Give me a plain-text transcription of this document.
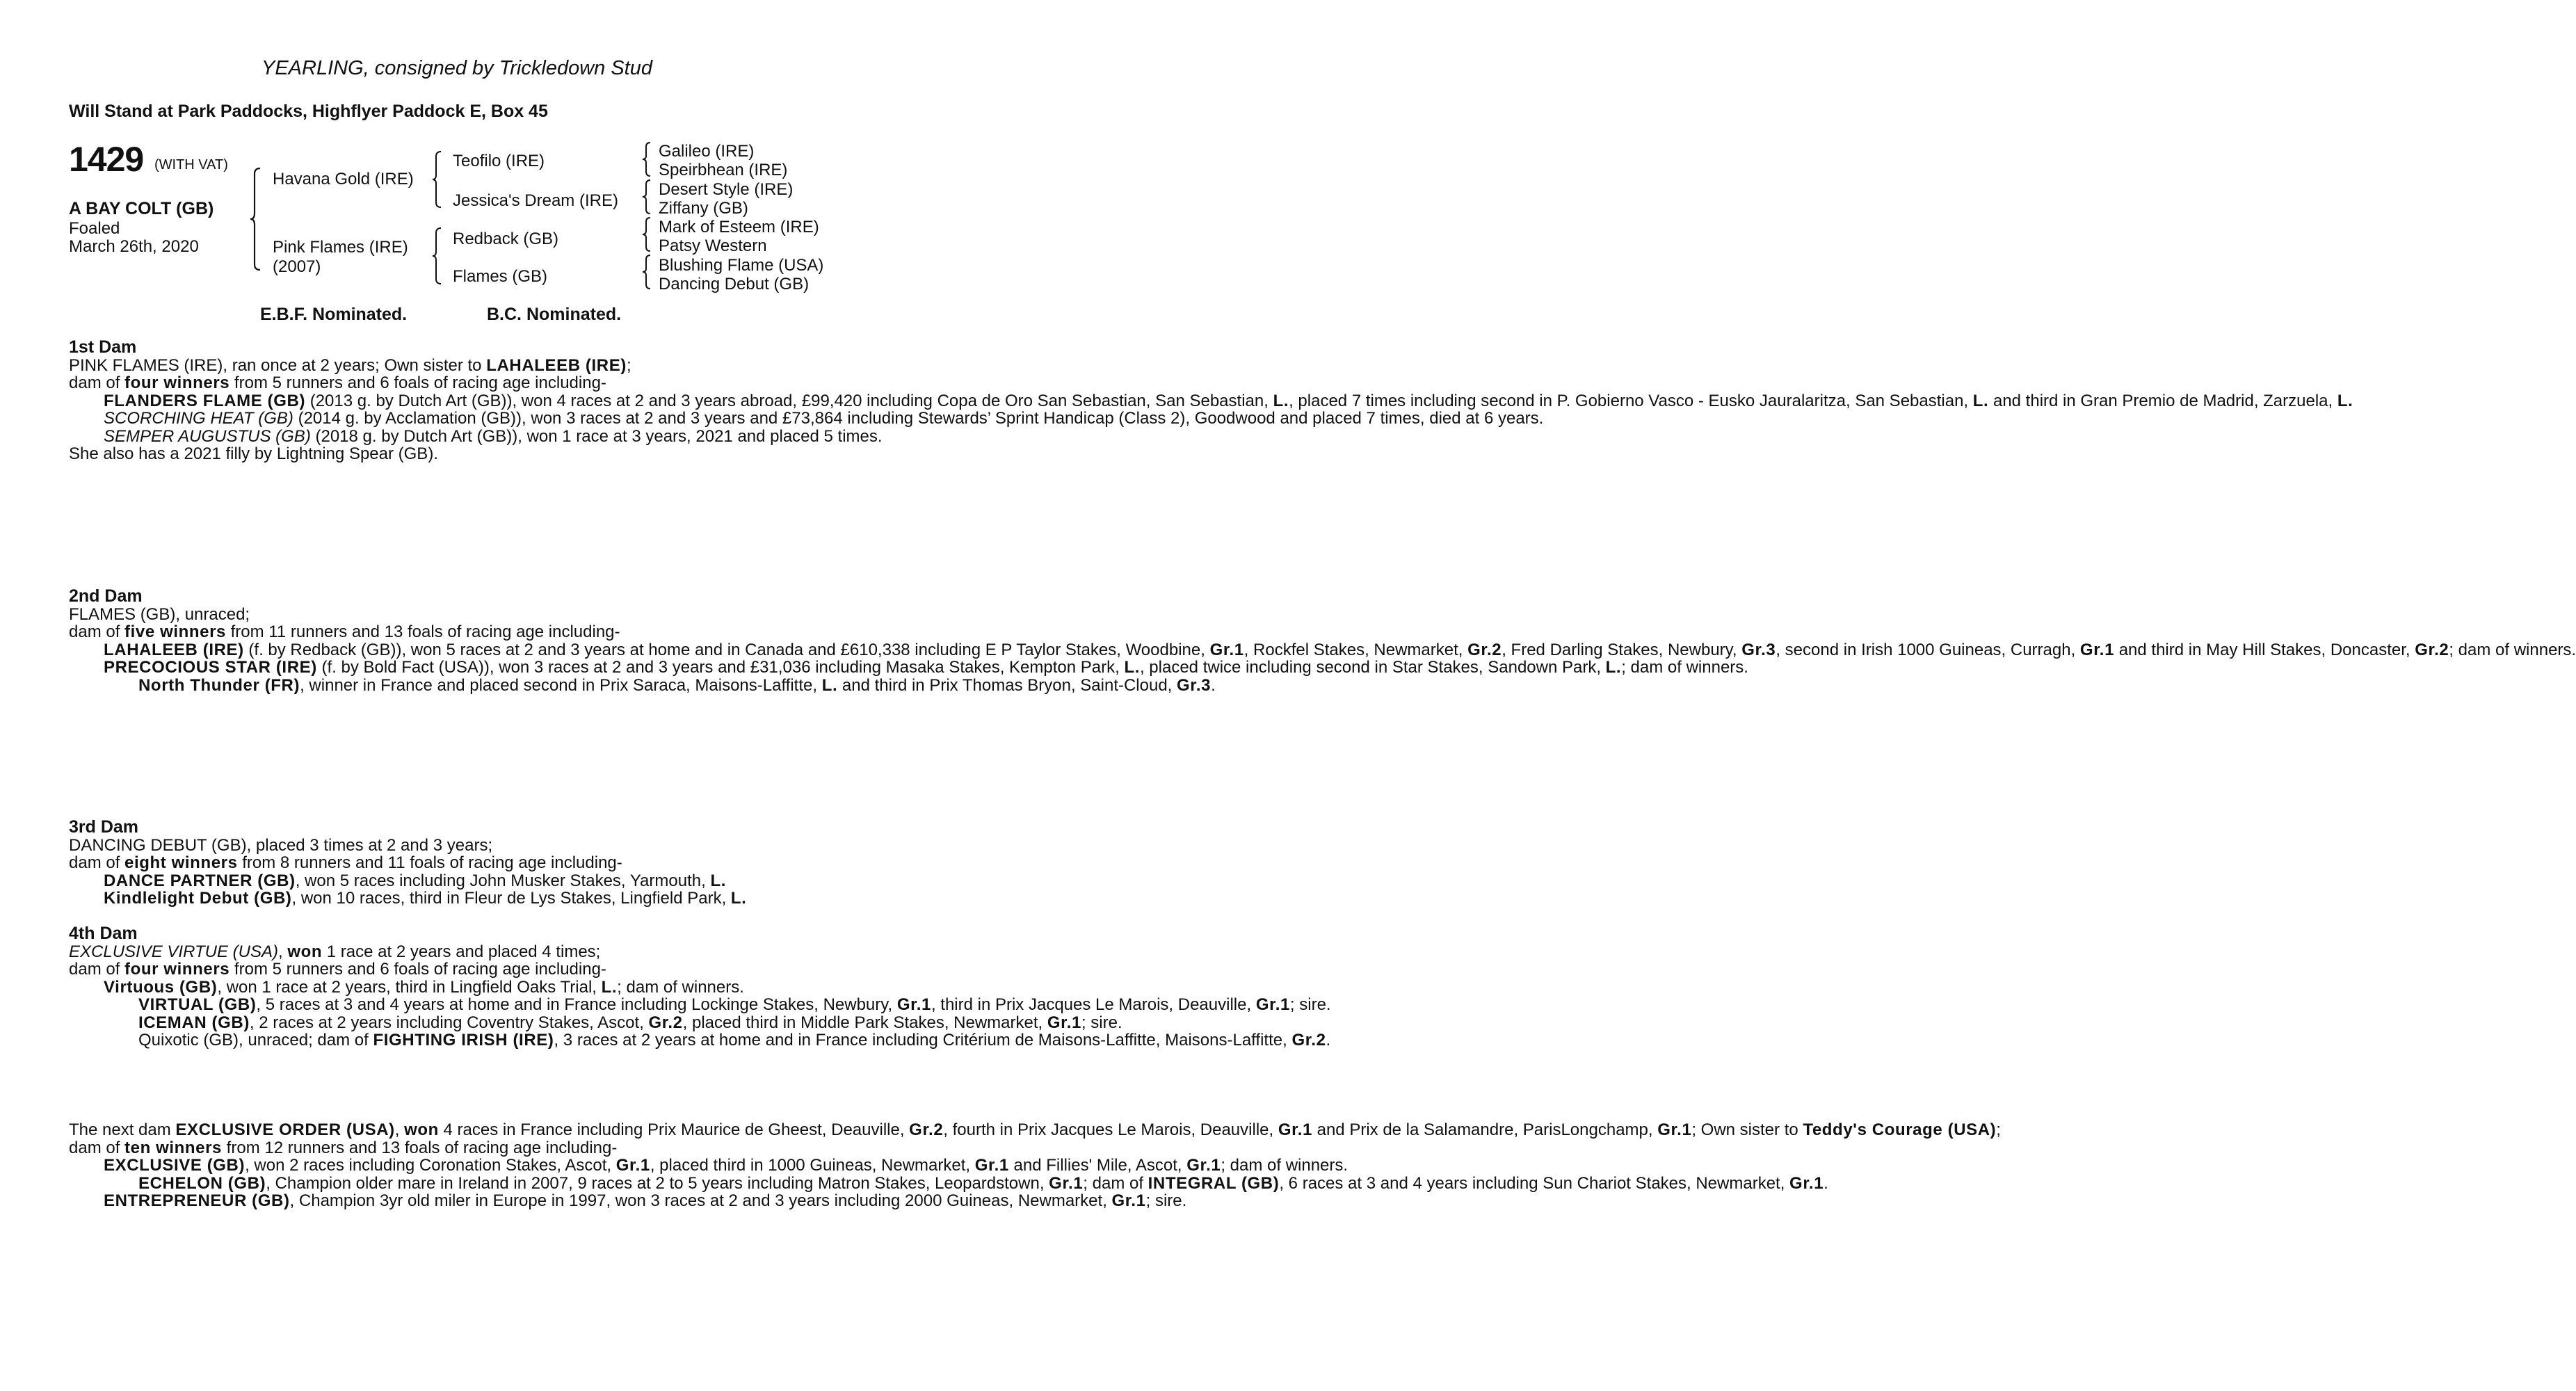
YEARLING, consigned by Trickledown Stud
Will Stand at Park Paddocks, Highflyer Paddock E, Box 45
1429 (WITH VAT)
A BAY COLT (GB)
Foaled
March 26th, 2020
Havana Gold (IRE)
Pink Flames (IRE)
(2007)
Teofilo (IRE)
Jessica's Dream (IRE)
Redback (GB)
Flames (GB)
Galileo (IRE)
Speirbhean (IRE)
Desert Style (IRE)
Ziffany (GB)
Mark of Esteem (IRE)
Patsy Western
Blushing Flame (USA)
Dancing Debut (GB)
E.B.F. Nominated.	B.C. Nominated.

1st Dam

PINK FLAMES (IRE), ran once at 2 years; Own sister to LAHALEEB (IRE);

dam of four winners from 5 runners and 6 foals of racing age including-

FLANDERS FLAME (GB) (2013 g. by Dutch Art (GB)), won 4 races at 2 and 3 years abroad, £99,420 including Copa de Oro San Sebastian, San Sebastian, L., placed 7 times including second in P. Gobierno Vasco - Eusko Jauralaritza, San Sebastian, L. and third in Gran Premio de Madrid, Zarzuela, L.

SCORCHING HEAT (GB) (2014 g. by Acclamation (GB)), won 3 races at 2 and 3 years and £73,864 including Stewards’ Sprint Handicap (Class 2), Goodwood and placed 7 times, died at 6 years.

SEMPER AUGUSTUS (GB) (2018 g. by Dutch Art (GB)), won 1 race at 3 years, 2021 and placed 5 times.

She also has a 2021 filly by Lightning Spear (GB).

2nd Dam

FLAMES (GB), unraced;

dam of five winners from 11 runners and 13 foals of racing age including-

LAHALEEB (IRE) (f. by Redback (GB)), won 5 races at 2 and 3 years at home and in Canada and £610,338 including E P Taylor Stakes, Woodbine, Gr.1, Rockfel Stakes, Newmarket, Gr.2, Fred Darling Stakes, Newbury, Gr.3, second in Irish 1000 Guineas, Curragh, Gr.1 and third in May Hill Stakes, Doncaster, Gr.2; dam of winners.

PRECOCIOUS STAR (IRE) (f. by Bold Fact (USA)), won 3 races at 2 and 3 years and £31,036 including Masaka Stakes, Kempton Park, L., placed twice including second in Star Stakes, Sandown Park, L.; dam of winners.

North Thunder (FR), winner in France and placed second in Prix Saraca, Maisons-Laffitte, L. and third in Prix Thomas Bryon, Saint-Cloud, Gr.3.

3rd Dam

DANCING DEBUT (GB), placed 3 times at 2 and 3 years;

dam of eight winners from 8 runners and 11 foals of racing age including-

DANCE PARTNER (GB), won 5 races including John Musker Stakes, Yarmouth, L.

Kindlelight Debut (GB), won 10 races, third in Fleur de Lys Stakes, Lingfield Park, L.

4th Dam

EXCLUSIVE VIRTUE (USA), won 1 race at 2 years and placed 4 times;

dam of four winners from 5 runners and 6 foals of racing age including-

Virtuous (GB), won 1 race at 2 years, third in Lingfield Oaks Trial, L.; dam of winners.

VIRTUAL (GB), 5 races at 3 and 4 years at home and in France including Lockinge Stakes, Newbury, Gr.1, third in Prix Jacques Le Marois, Deauville, Gr.1; sire.

ICEMAN (GB), 2 races at 2 years including Coventry Stakes, Ascot, Gr.2, placed third in Middle Park Stakes, Newmarket, Gr.1; sire.

Quixotic (GB), unraced; dam of FIGHTING IRISH (IRE), 3 races at 2 years at home and in France including Critérium de Maisons-Laffitte, Maisons-Laffitte, Gr.2.

The next dam EXCLUSIVE ORDER (USA), won 4 races in France including Prix Maurice de Gheest, Deauville, Gr.2, fourth in Prix Jacques Le Marois, Deauville, Gr.1 and Prix de la Salamandre, ParisLongchamp, Gr.1; Own sister to Teddy's Courage (USA);

dam of ten winners from 12 runners and 13 foals of racing age including-

EXCLUSIVE (GB), won 2 races including Coronation Stakes, Ascot, Gr.1, placed third in 1000 Guineas, Newmarket, Gr.1 and Fillies' Mile, Ascot, Gr.1; dam of winners.

ECHELON (GB), Champion older mare in Ireland in 2007, 9 races at 2 to 5 years including Matron Stakes, Leopardstown, Gr.1; dam of INTEGRAL (GB), 6 races at 3 and 4 years including Sun Chariot Stakes, Newmarket, Gr.1.

ENTREPRENEUR (GB), Champion 3yr old miler in Europe in 1997, won 3 races at 2 and 3 years including 2000 Guineas, Newmarket, Gr.1; sire.
